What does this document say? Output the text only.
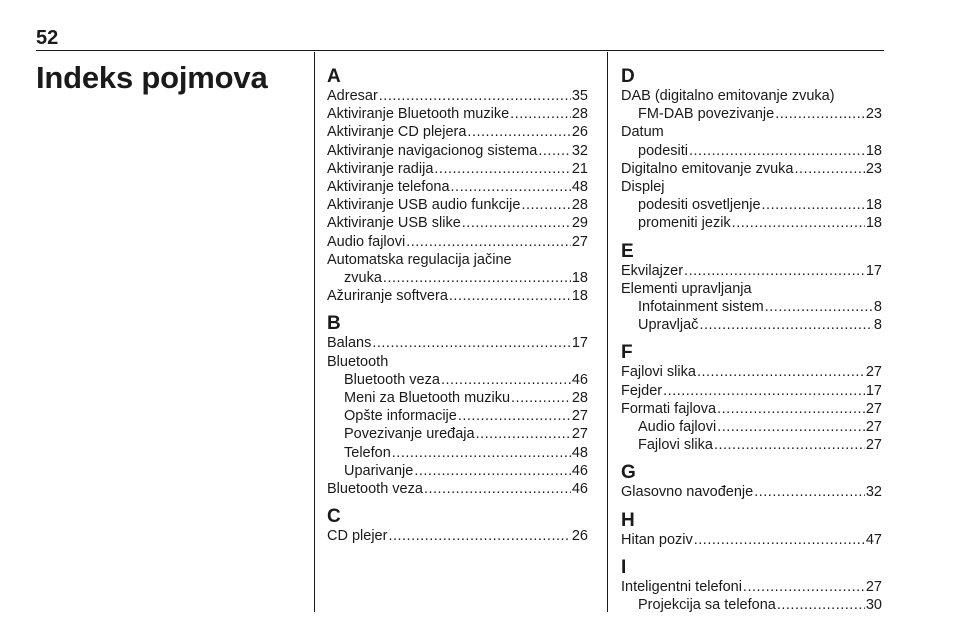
52
Indeks pojmova	A
Adresar .....	35
Aktiviranje Bluetooth muzike .....	28
Aktiviranje CD plejera .....	26
Aktiviranje navigacionog sistema ..... 32
Aktiviranje radija .....	21
Aktiviranje telefona .....	48
Aktiviranje USB audio funkcije .....	28
Aktiviranje USB slike .....	29
Audio fajlovi .....	27
Automatska regulacija jačine
zvuka .....	18
Ažuriranje softvera .....	18
B
Balans .....	17
Bluetooth
Bluetooth veza .....	46
Meni za Bluetooth muziku .....	28
Opšte informacije .....	27
Povezivanje uređaja .....	27
Telefon .....	48
Uparivanje .....	46
Bluetooth veza .....	46
C
CD plejer .....	26
D
DAB (digitalno emitovanje zvuka)
FM-DAB povezivanje .....	23
Datum
podesiti .....	18
Digitalno emitovanje zvuka .....	23
Displej
podesiti osvetljenje .....	18
promeniti jezik .....	18
E
Ekvilajzer .....	17
Elementi upravljanja
Infotainment sistem .....	8
Upravljač .....	8
F
Fajlovi slika .....	27
Fejder .....	17
Formati fajlova .....	27
Audio fajlovi .....	27
Fajlovi slika .....	27
G
Glasovno navođenje .....	32
H
Hitan poziv .....	47
I
Inteligentni telefoni .....	27
Projekcija sa telefona .....	30
